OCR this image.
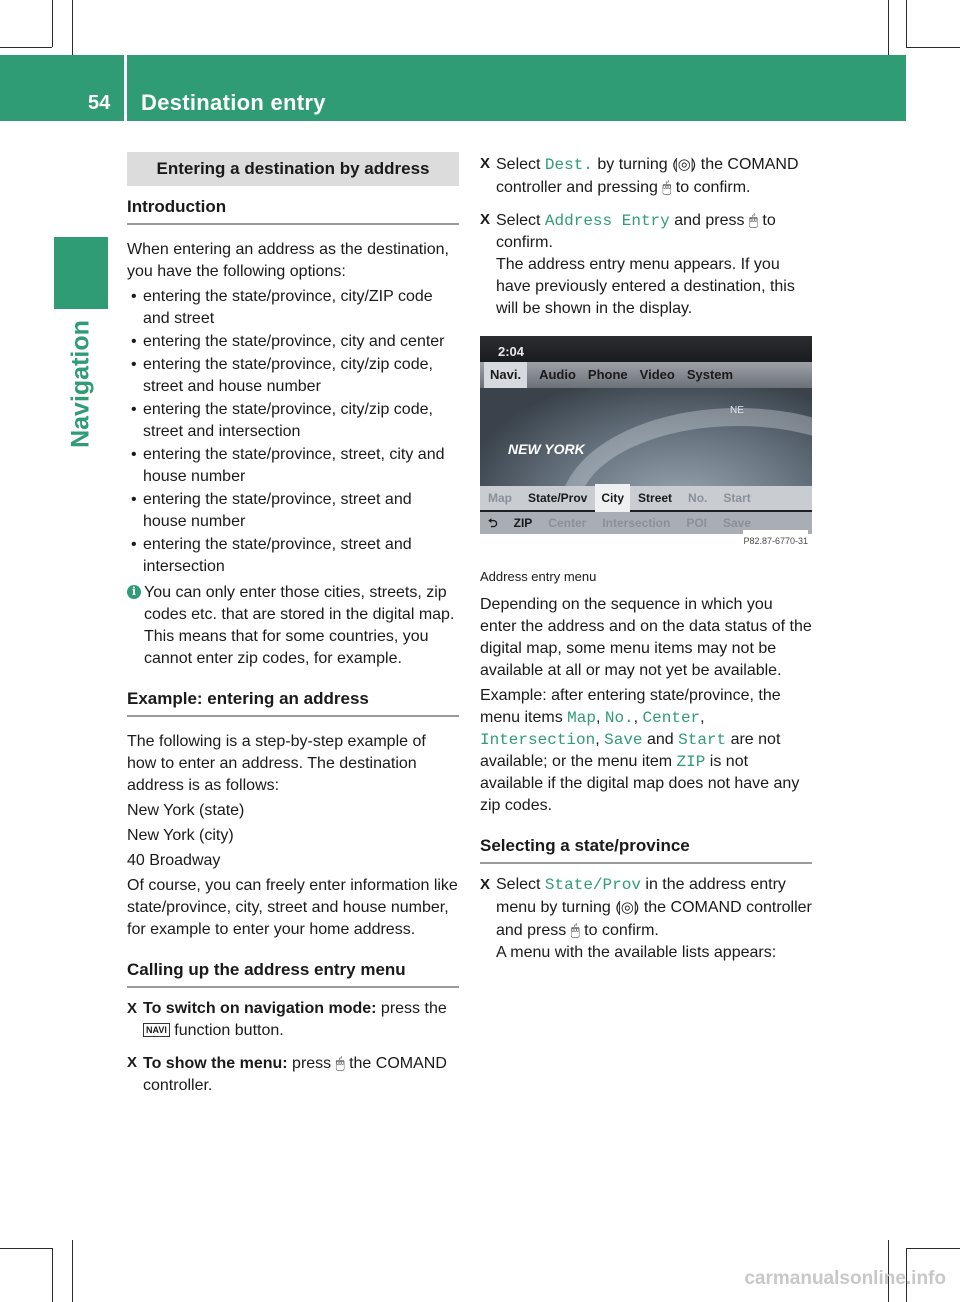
54 Destination entry
Navigation
Entering a destination by address
Introduction
When entering an address as the destination, you have the following options:
• entering the state/province, city/ZIP code and street
• entering the state/province, city and center
• entering the state/province, city/zip code, street and house number
• entering the state/province, city/zip code, street and intersection
• entering the state/province, street, city and house number
• entering the state/province, street and house number
• entering the state/province, street and intersection
i You can only enter those cities, streets, zip codes etc. that are stored in the digital map. This means that for some countries, you cannot enter zip codes, for example.
Example: entering an address
The following is a step-by-step example of how to enter an address. The destination address is as follows:
New York (state)
New York (city)
40 Broadway
Of course, you can freely enter information like state/province, city, street and house number, for example to enter your home address.
Calling up the address entry menu
X To switch on navigation mode: press the NAVI function button.
X To show the menu: press 🖱 the COMAND controller.
X Select Dest. by turning ⟬◎⟭ the COMAND controller and pressing 🖱 to confirm.
X Select Address Entry and press 🖱 to confirm.
The address entry menu appears. If you have previously entered a destination, this will be shown in the display.
2:04
Navi.	Audio Phone Video System
NE
NEW YORK
Map	State/Prov	City	Street	No.	Start
⮌	ZIP	Center	Intersection	POI	Save
P82.87-6770-31
Address entry menu
Depending on the sequence in which you enter the address and on the data status of the digital map, some menu items may not be available at all or may not yet be available.
Example: after entering state/province, the menu items Map, No., Center, Intersection, Save and Start are not available; or the menu item ZIP is not available if the digital map does not have any zip codes.
Selecting a state/province
X Select State/Prov in the address entry menu by turning ⟬◎⟭ the COMAND controller and press 🖱 to confirm.
A menu with the available lists appears:
carmanualsonline.info
